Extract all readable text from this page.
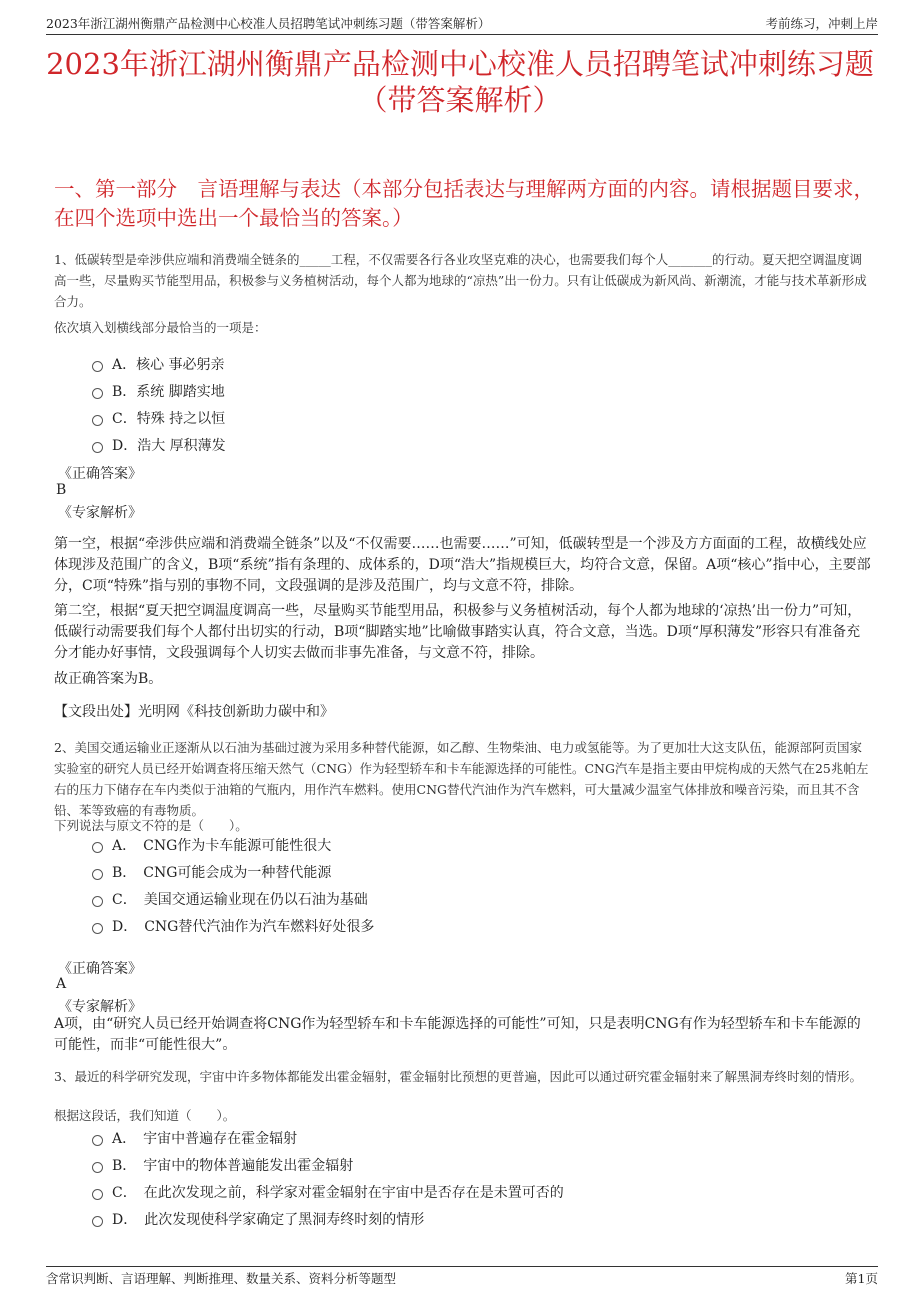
2023年浙江湖州衡鼎产品检测中心校准人员招聘笔试冲刺练习题（带答案解析）	考前练习，冲刺上岸
2023年浙江湖州衡鼎产品检测中心校准人员招聘笔试冲刺练习题（带答案解析）
一、第一部分　言语理解与表达（本部分包括表达与理解两方面的内容。请根据题目要求，在四个选项中选出一个最恰当的答案。）

1、低碳转型是牵涉供应端和消费端全链条的_____工程，不仅需要各行各业攻坚克难的决心，也需要我们每个人_______的行动。夏天把空调温度调高一些，尽量购买节能型用品，积极参与义务植树活动，每个人都为地球的“凉热”出一份力。只有让低碳成为新风尚、新潮流，才能与技术革新形成合力。

依次填入划横线部分最恰当的一项是：
A．核心 事必躬亲
B．系统 脚踏实地
C．特殊 持之以恒
D．浩大 厚积薄发
《正确答案》
B
《专家解析》

第一空，根据“牵涉供应端和消费端全链条”以及“不仅需要……也需要……”可知，低碳转型是一个涉及方方面面的工程，故横线处应体现涉及范围广的含义，B项“系统”指有条理的、成体系的，D项“浩大”指规模巨大，均符合文意，保留。A项“核心”指中心，主要部分，C项“特殊”指与别的事物不同，文段强调的是涉及范围广，均与文意不符，排除。

第二空，根据“夏天把空调温度调高一些，尽量购买节能型用品，积极参与义务植树活动，每个人都为地球的‘凉热’出一份力”可知，低碳行动需要我们每个人都付出切实的行动，B项“脚踏实地”比喻做事踏实认真，符合文意，当选。D项“厚积薄发”形容只有准备充分才能办好事情，文段强调每个人切实去做而非事先准备，与文意不符，排除。

故正确答案为B。

【文段出处】光明网《科技创新助力碳中和》

2、美国交通运输业正逐渐从以石油为基础过渡为采用多种替代能源，如乙醇、生物柴油、电力或氢能等。为了更加壮大这支队伍，能源部阿贡国家实验室的研究人员已经开始调查将压缩天然气（CNG）作为轻型轿车和卡车能源选择的可能性。CNG汽车是指主要由甲烷构成的天然气在25兆帕左右的压力下储存在车内类似于油箱的气瓶内，用作汽车燃料。使用CNG替代汽油作为汽车燃料，可大量减少温室气体排放和噪音污染，而且其不含铅、苯等致癌的有毒物质。

下列说法与原文不符的是（　　）。
A．　CNG作为卡车能源可能性很大
B．　CNG可能会成为一种替代能源
C．　美国交通运输业现在仍以石油为基础
D．　CNG替代汽油作为汽车燃料好处很多
《正确答案》
A
《专家解析》

A项，由“研究人员已经开始调查将CNG作为轻型轿车和卡车能源选择的可能性”可知，只是表明CNG有作为轻型轿车和卡车能源的可能性，而非“可能性很大”。

3、最近的科学研究发现，宇宙中许多物体都能发出霍金辐射，霍金辐射比预想的更普遍，因此可以通过研究霍金辐射来了解黑洞寿终时刻的情形。

根据这段话，我们知道（　　）。
A．　宇宙中普遍存在霍金辐射
B．　宇宙中的物体普遍能发出霍金辐射
C．　在此次发现之前，科学家对霍金辐射在宇宙中是否存在是未置可否的
D．　此次发现使科学家确定了黑洞寿终时刻的情形
含常识判断、言语理解、判断推理、数量关系、资料分析等题型	第1页
